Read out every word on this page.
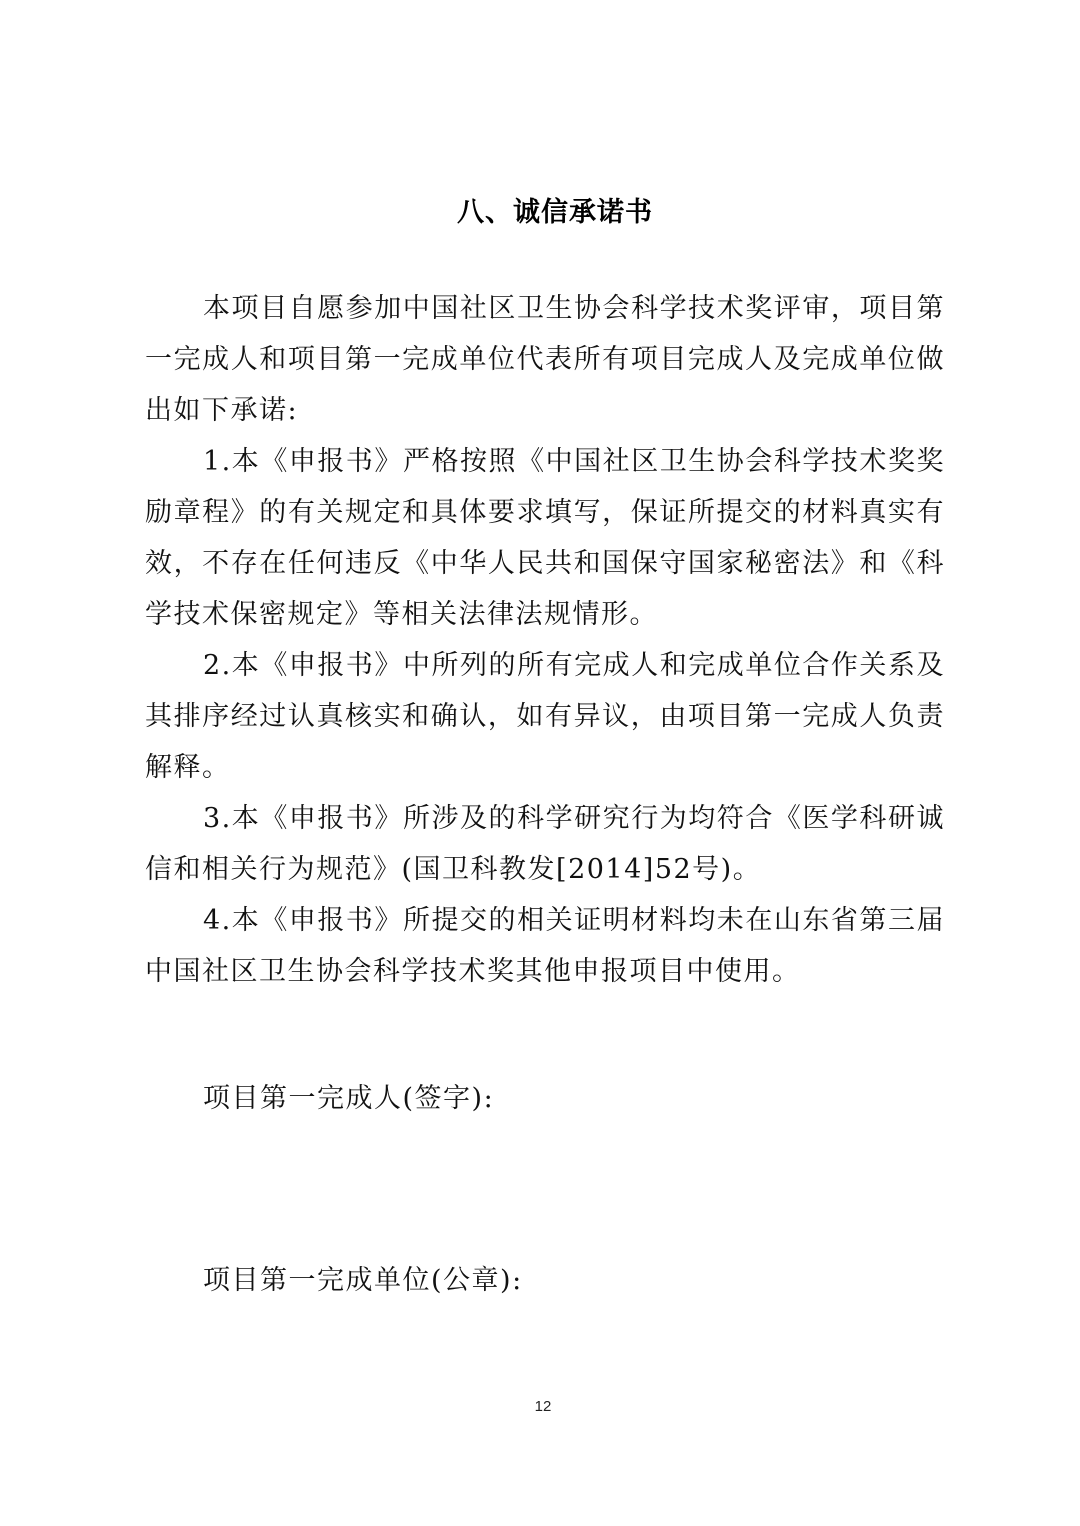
八、诚信承诺书

本项目自愿参加中国社区卫生协会科学技术奖评审，项目第一完成人和项目第一完成单位代表所有项目完成人及完成单位做出如下承诺:

1.本《申报书》严格按照《中国社区卫生协会科学技术奖奖励章程》的有关规定和具体要求填写，保证所提交的材料真实有效，不存在任何违反《中华人民共和国保守国家秘密法》和《科学技术保密规定》等相关法律法规情形。

2.本《申报书》中所列的所有完成人和完成单位合作关系及其排序经过认真核实和确认，如有异议，由项目第一完成人负责解释。

3.本《申报书》所涉及的科学研究行为均符合《医学科研诚信和相关行为规范》(国卫科教发[2014]52号)。

4.本《申报书》所提交的相关证明材料均未在山东省第三届中国社区卫生协会科学技术奖其他申报项目中使用。

项目第一完成人(签字):
项目第一完成单位(公章):
12
